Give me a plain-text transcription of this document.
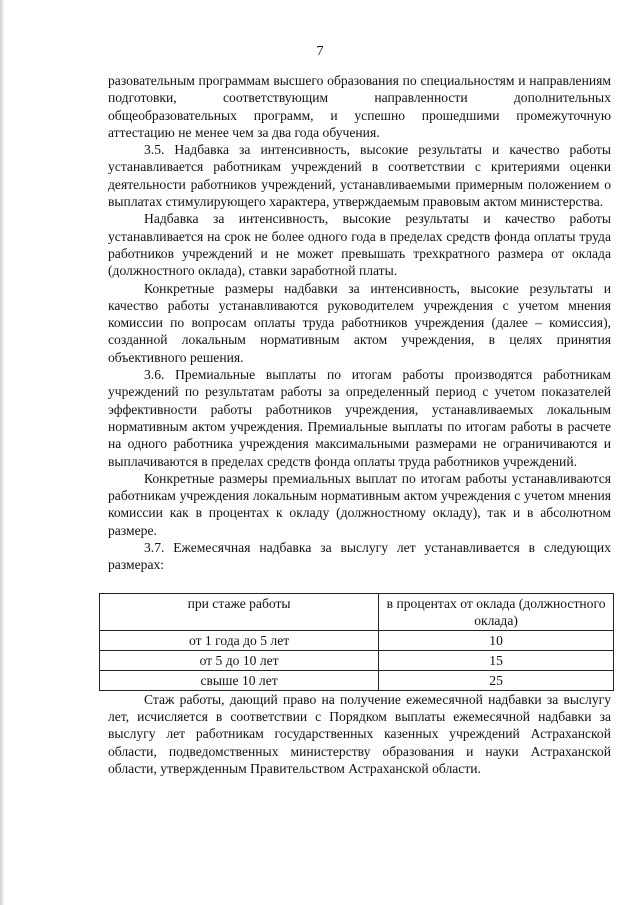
7

разовательным программам высшего образования по специальностям и направлениям подготовки, соответствующим направленности дополнительных общеобразовательных программ, и успешно прошедшими промежуточную аттестацию не менее чем за два года обучения.

3.5. Надбавка за интенсивность, высокие результаты и качество работы устанавливается работникам учреждений в соответствии с критериями оценки деятельности работников учреждений, устанавливаемыми примерным положением о выплатах стимулирующего характера, утверждаемым правовым актом министерства.

Надбавка за интенсивность, высокие результаты и качество работы устанавливается на срок не более одного года в пределах средств фонда оплаты труда работников учреждений и не может превышать трехкратного размера от оклада (должностного оклада), ставки заработной платы.

Конкретные размеры надбавки за интенсивность, высокие результаты и качество работы устанавливаются руководителем учреждения с учетом мнения комиссии по вопросам оплаты труда работников учреждения (далее – комиссия), созданной локальным нормативным актом учреждения, в целях принятия объективного решения.

3.6. Премиальные выплаты по итогам работы производятся работникам учреждений по результатам работы за определенный период с учетом показателей эффективности работы работников учреждения, устанавливаемых локальным нормативным актом учреждения. Премиальные выплаты по итогам работы в расчете на одного работника учреждения максимальными размерами не ограничиваются и выплачиваются в пределах средств фонда оплаты труда работников учреждений.

Конкретные размеры премиальных выплат по итогам работы устанавливаются работникам учреждения локальным нормативным актом учреждения с учетом мнения комиссии как в процентах к окладу (должностному окладу), так и в абсолютном размере.

3.7. Ежемесячная надбавка за выслугу лет устанавливается в следующих размерах:

при стаже работы	в процентах от оклада (должностного оклада)
от 1 года до 5 лет	10
от 5 до 10 лет	15
свыше 10 лет	25

Стаж работы, дающий право на получение ежемесячной надбавки за выслугу лет, исчисляется в соответствии с Порядком выплаты ежемесячной надбавки за выслугу лет работникам государственных казенных учреждений Астраханской области, подведомственных министерству образования и науки Астраханской области, утвержденным Правительством Астраханской области.
